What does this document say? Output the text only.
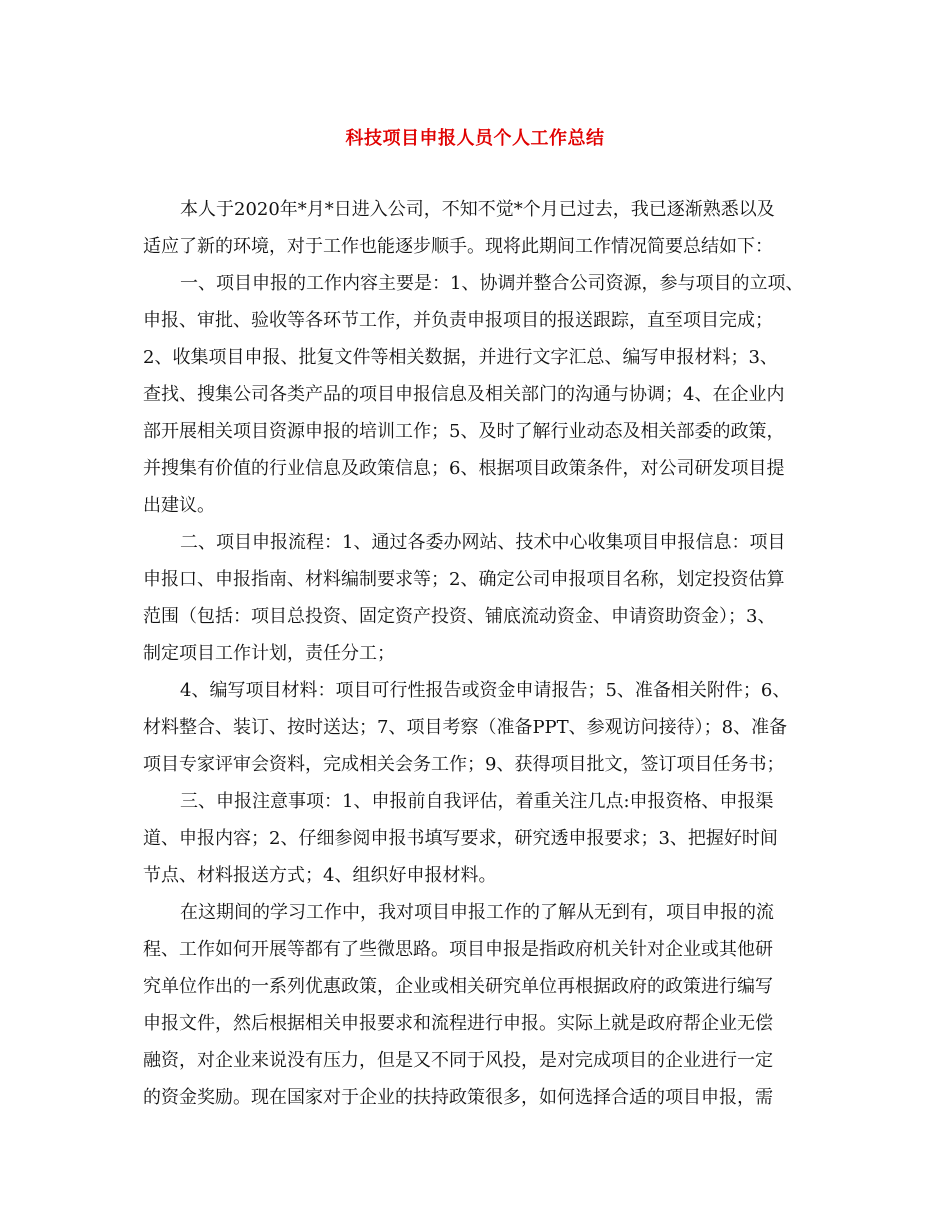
科技项目申报人员个人工作总结
本人于2020年*月*日进入公司，不知不觉*个月已过去，我已逐渐熟悉以及
适应了新的环境，对于工作也能逐步顺手。现将此期间工作情况简要总结如下：
一、项目申报的工作内容主要是：1、协调并整合公司资源，参与项目的立项、
申报、审批、验收等各环节工作，并负责申报项目的报送跟踪，直至项目完成；
2、收集项目申报、批复文件等相关数据，并进行文字汇总、编写申报材料；3、
查找、搜集公司各类产品的项目申报信息及相关部门的沟通与协调；4、在企业内
部开展相关项目资源申报的培训工作；5、及时了解行业动态及相关部委的政策，
并搜集有价值的行业信息及政策信息；6、根据项目政策条件，对公司研发项目提
出建议。
二、项目申报流程：1、通过各委办网站、技术中心收集项目申报信息：项目
申报口、申报指南、材料编制要求等；2、确定公司申报项目名称，划定投资估算
范围（包括：项目总投资、固定资产投资、铺底流动资金、申请资助资金）；3、
制定项目工作计划，责任分工；
4、编写项目材料：项目可行性报告或资金申请报告；5、准备相关附件；6、
材料整合、装订、按时送达；7、项目考察（准备PPT、参观访问接待）；8、准备
项目专家评审会资料，完成相关会务工作；9、获得项目批文，签订项目任务书；
三、申报注意事项：1、申报前自我评估，着重关注几点:申报资格、申报渠
道、申报内容；2、仔细参阅申报书填写要求，研究透申报要求；3、把握好时间
节点、材料报送方式；4、组织好申报材料。
在这期间的学习工作中，我对项目申报工作的了解从无到有，项目申报的流
程、工作如何开展等都有了些微思路。项目申报是指政府机关针对企业或其他研
究单位作出的一系列优惠政策，企业或相关研究单位再根据政府的政策进行编写
申报文件，然后根据相关申报要求和流程进行申报。实际上就是政府帮企业无偿
融资，对企业来说没有压力，但是又不同于风投，是对完成项目的企业进行一定
的资金奖励。现在国家对于企业的扶持政策很多，如何选择合适的项目申报，需
